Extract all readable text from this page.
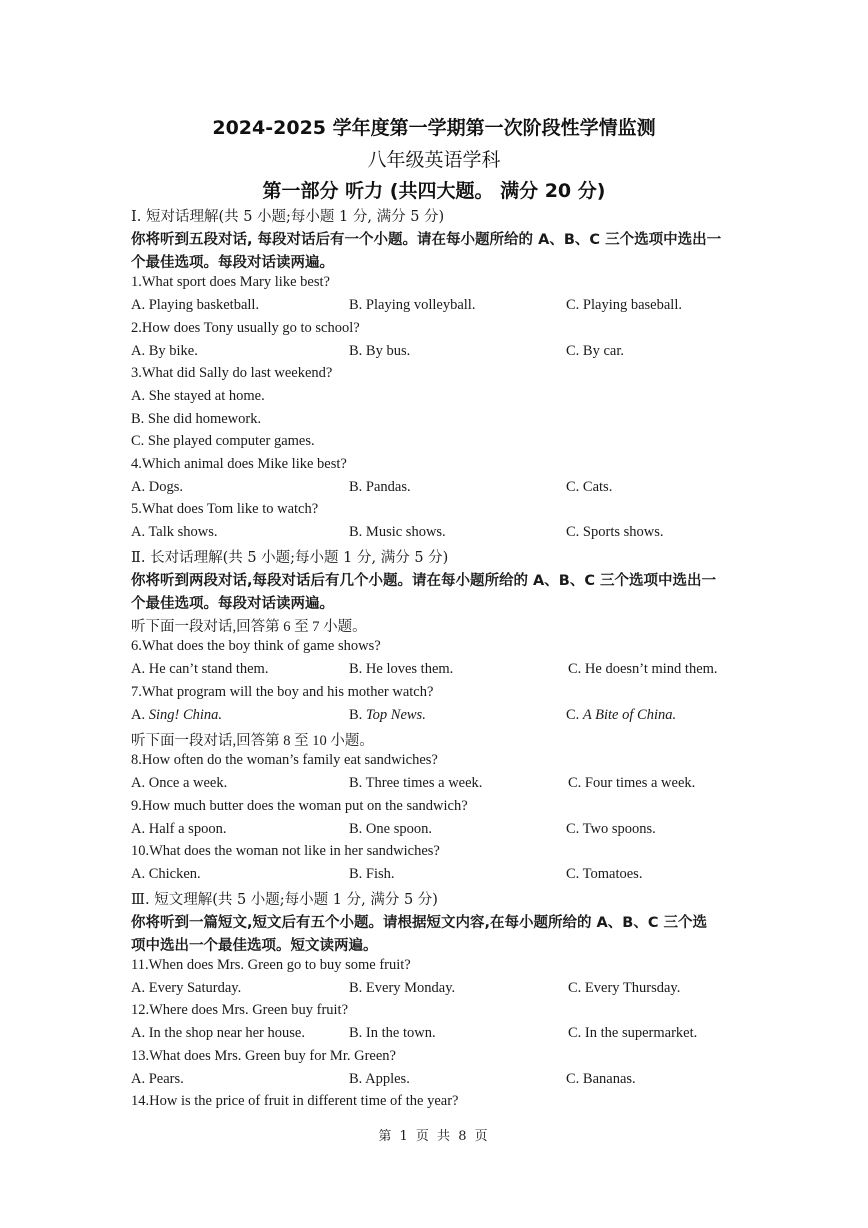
2024-2025 学年度第一学期第一次阶段性学情监测
八年级英语学科
第一部分 听力 (共四大题。 满分 20 分)
Ⅰ. 短对话理解(共 5 小题;每小题 1 分, 满分 5 分)
你将听到五段对话, 每段对话后有一个小题。请在每小题所给的 A、B、C 三个选项中选出一
个最佳选项。每段对话读两遍。
1.What sport does Mary like best?
A. Playing basketball.	B. Playing volleyball.	C. Playing baseball.
2.How does Tony usually go to school?
A. By bike.	B. By bus.	C. By car.
3.What did Sally do last weekend?
A. She stayed at home.
B. She did homework.
C. She played computer games.
4.Which animal does Mike like best?
A. Dogs.	B. Pandas.	C. Cats.
5.What does Tom like to watch?
A. Talk shows.	B. Music shows.	C. Sports shows.
Ⅱ. 长对话理解(共 5 小题;每小题 1 分, 满分 5 分)
你将听到两段对话,每段对话后有几个小题。请在每小题所给的 A、B、C 三个选项中选出一
个最佳选项。每段对话读两遍。
听下面一段对话,回答第 6 至 7 小题。
6.What does the boy think of game shows?
A. He can’t stand them.	B. He loves them.	C. He doesn’t mind them.
7.What program will the boy and his mother watch?
A. Sing! China.	B. Top News.	C. A Bite of China.
听下面一段对话,回答第 8 至 10 小题。
8.How often do the woman’s family eat sandwiches?
A. Once a week.	B. Three times a week.	C. Four times a week.
9.How much butter does the woman put on the sandwich?
A. Half a spoon.	B. One spoon.	C. Two spoons.
10.What does the woman not like in her sandwiches?
A. Chicken.	B. Fish.	C. Tomatoes.
Ⅲ. 短文理解(共 5 小题;每小题 1 分, 满分 5 分)
你将听到一篇短文,短文后有五个小题。请根据短文内容,在每小题所给的 A、B、C 三个选
项中选出一个最佳选项。短文读两遍。
11.When does Mrs. Green go to buy some fruit?
A. Every Saturday.	B. Every Monday.	C. Every Thursday.
12.Where does Mrs. Green buy fruit?
A. In the shop near her house.	B. In the town.	C. In the supermarket.
13.What does Mrs. Green buy for Mr. Green?
A. Pears.	B. Apples.	C. Bananas.
14.How is the price of fruit in different time of the year?
第 1 页 共 8 页
